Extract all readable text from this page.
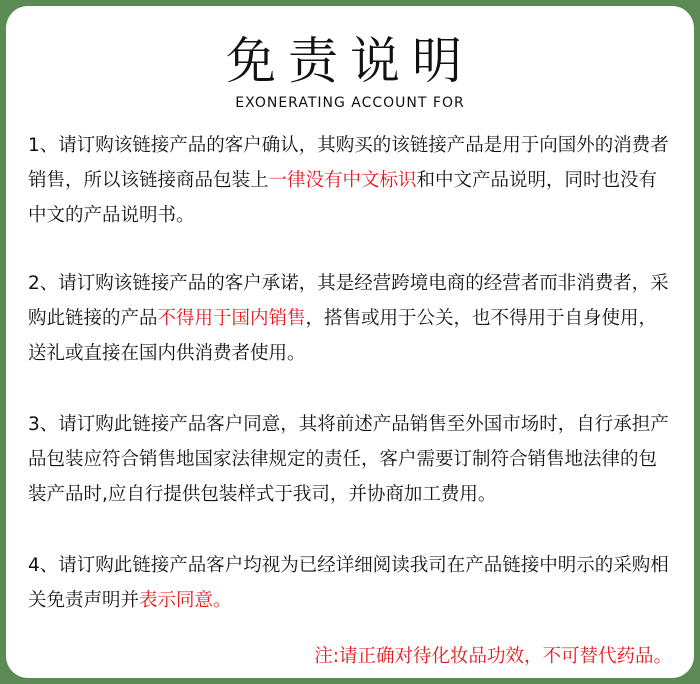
免责说明

EXONERATING ACCOUNT FOR

1、请订购该链接产品的客户确认，其购买的该链接产品是用于向国外的消费者销售，所以该链接商品包装上一律没有中文标识和中文产品说明，同时也没有中文的产品说明书。

2、请订购该链接产品的客户承诺，其是经营跨境电商的经营者而非消费者，采购此链接的产品不得用于国内销售，搭售或用于公关，也不得用于自身使用，送礼或直接在国内供消费者使用。

3、请订购此链接产品客户同意，其将前述产品销售至外国市场时，自行承担产品包装应符合销售地国家法律规定的责任，客户需要订制符合销售地法律的包装产品时,应自行提供包装样式于我司，并协商加工费用。

4、请订购此链接产品客户均视为已经详细阅读我司在产品链接中明示的采购相关免责声明并表示同意。

注:请正确对待化妆品功效，不可替代药品。
